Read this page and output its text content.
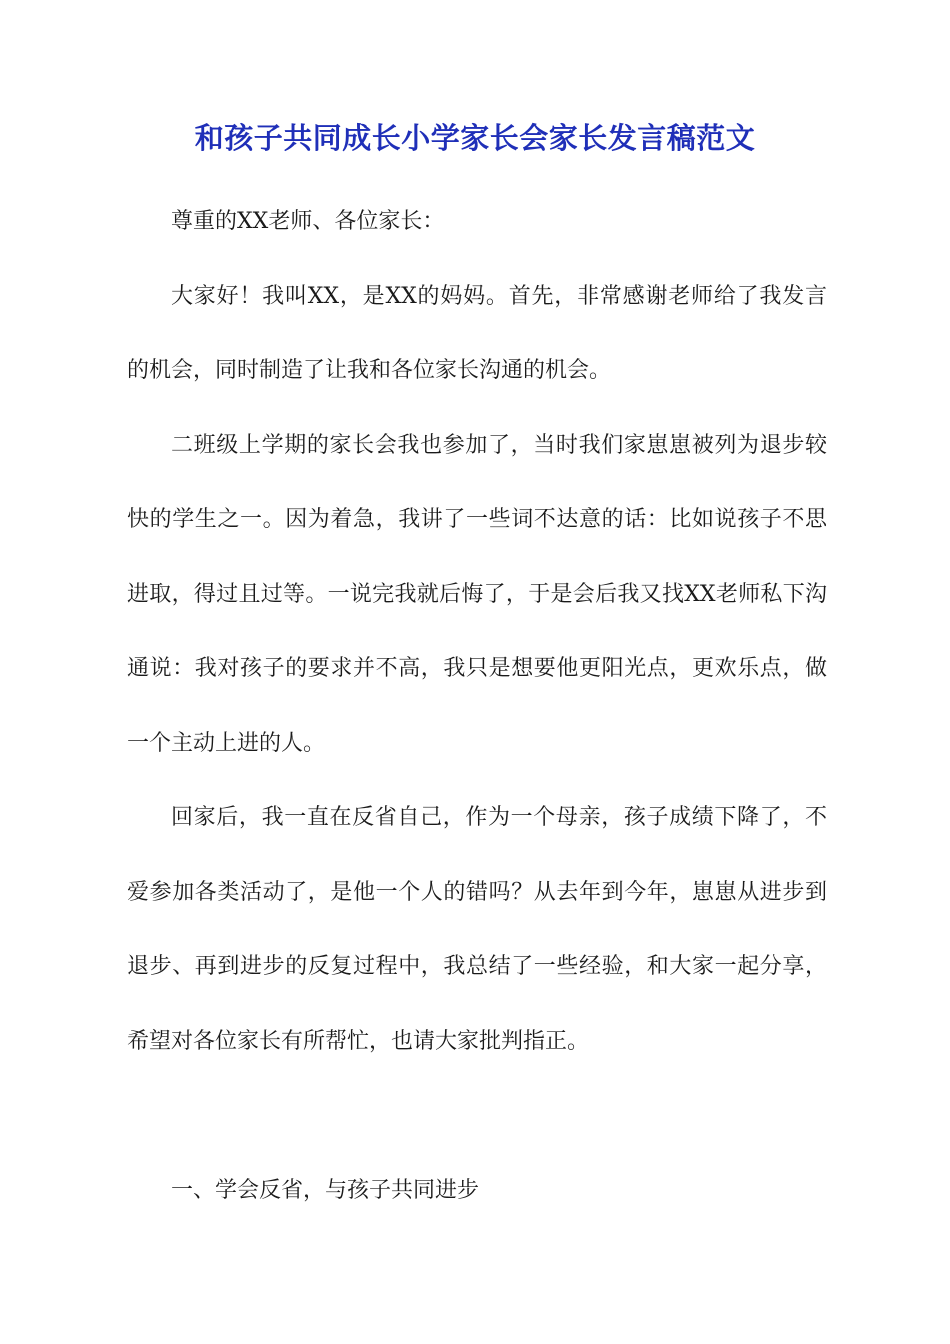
和孩子共同成长小学家长会家长发言稿范文

尊重的XX老师、各位家长：

大家好！我叫XX，是XX的妈妈。首先，非常感谢老师给了我发言的机会，同时制造了让我和各位家长沟通的机会。

二班级上学期的家长会我也参加了，当时我们家崽崽被列为退步较快的学生之一。因为着急，我讲了一些词不达意的话：比如说孩子不思进取，得过且过等。一说完我就后悔了，于是会后我又找XX老师私下沟通说：我对孩子的要求并不高，我只是想要他更阳光点，更欢乐点，做一个主动上进的人。

回家后，我一直在反省自己，作为一个母亲，孩子成绩下降了，不爱参加各类活动了，是他一个人的错吗？从去年到今年，崽崽从进步到退步、再到进步的反复过程中，我总结了一些经验，和大家一起分享，希望对各位家长有所帮忙，也请大家批判指正。

一、学会反省，与孩子共同进步
